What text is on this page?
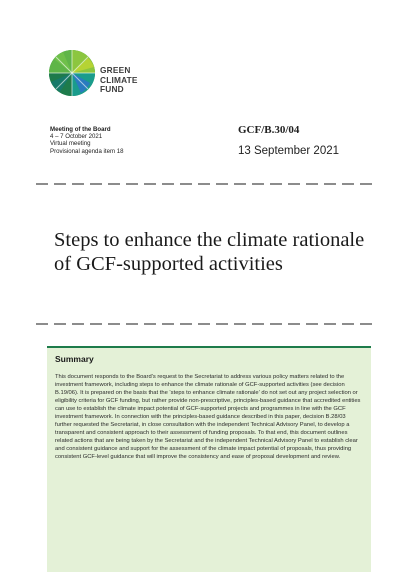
GREEN
CLIMATE
FUND
Meeting of the Board
4 – 7 October 2021
Virtual meeting
Provisional agenda item 18
GCF/B.30/04
13 September 2021
Steps to enhance the climate rationale of GCF-supported activities

Summary

This document responds to the Board’s request to the Secretariat to address various policy matters related to the investment framework, including steps to enhance the climate rationale of GCF-supported activities (see decision B.19/06). It is prepared on the basis that the ‘steps to enhance climate rationale’ do not set out any project selection or eligibility criteria for GCF funding, but rather provide non-prescriptive, principles-based guidance that accredited entities can use to establish the climate impact potential of GCF-supported projects and programmes in line with the GCF investment framework. In connection with the principles-based guidance described in this paper, decision B.28/03 further requested the Secretariat, in close consultation with the independent Technical Advisory Panel, to develop a transparent and consistent approach to their assessment of funding proposals. To that end, this document outlines related actions that are being taken by the Secretariat and the independent Technical Advisory Panel to establish clear and consistent guidance and support for the assessment of the climate impact potential of proposals, thus providing consistent GCF-level guidance that will improve the consistency and ease of proposal development and review.
